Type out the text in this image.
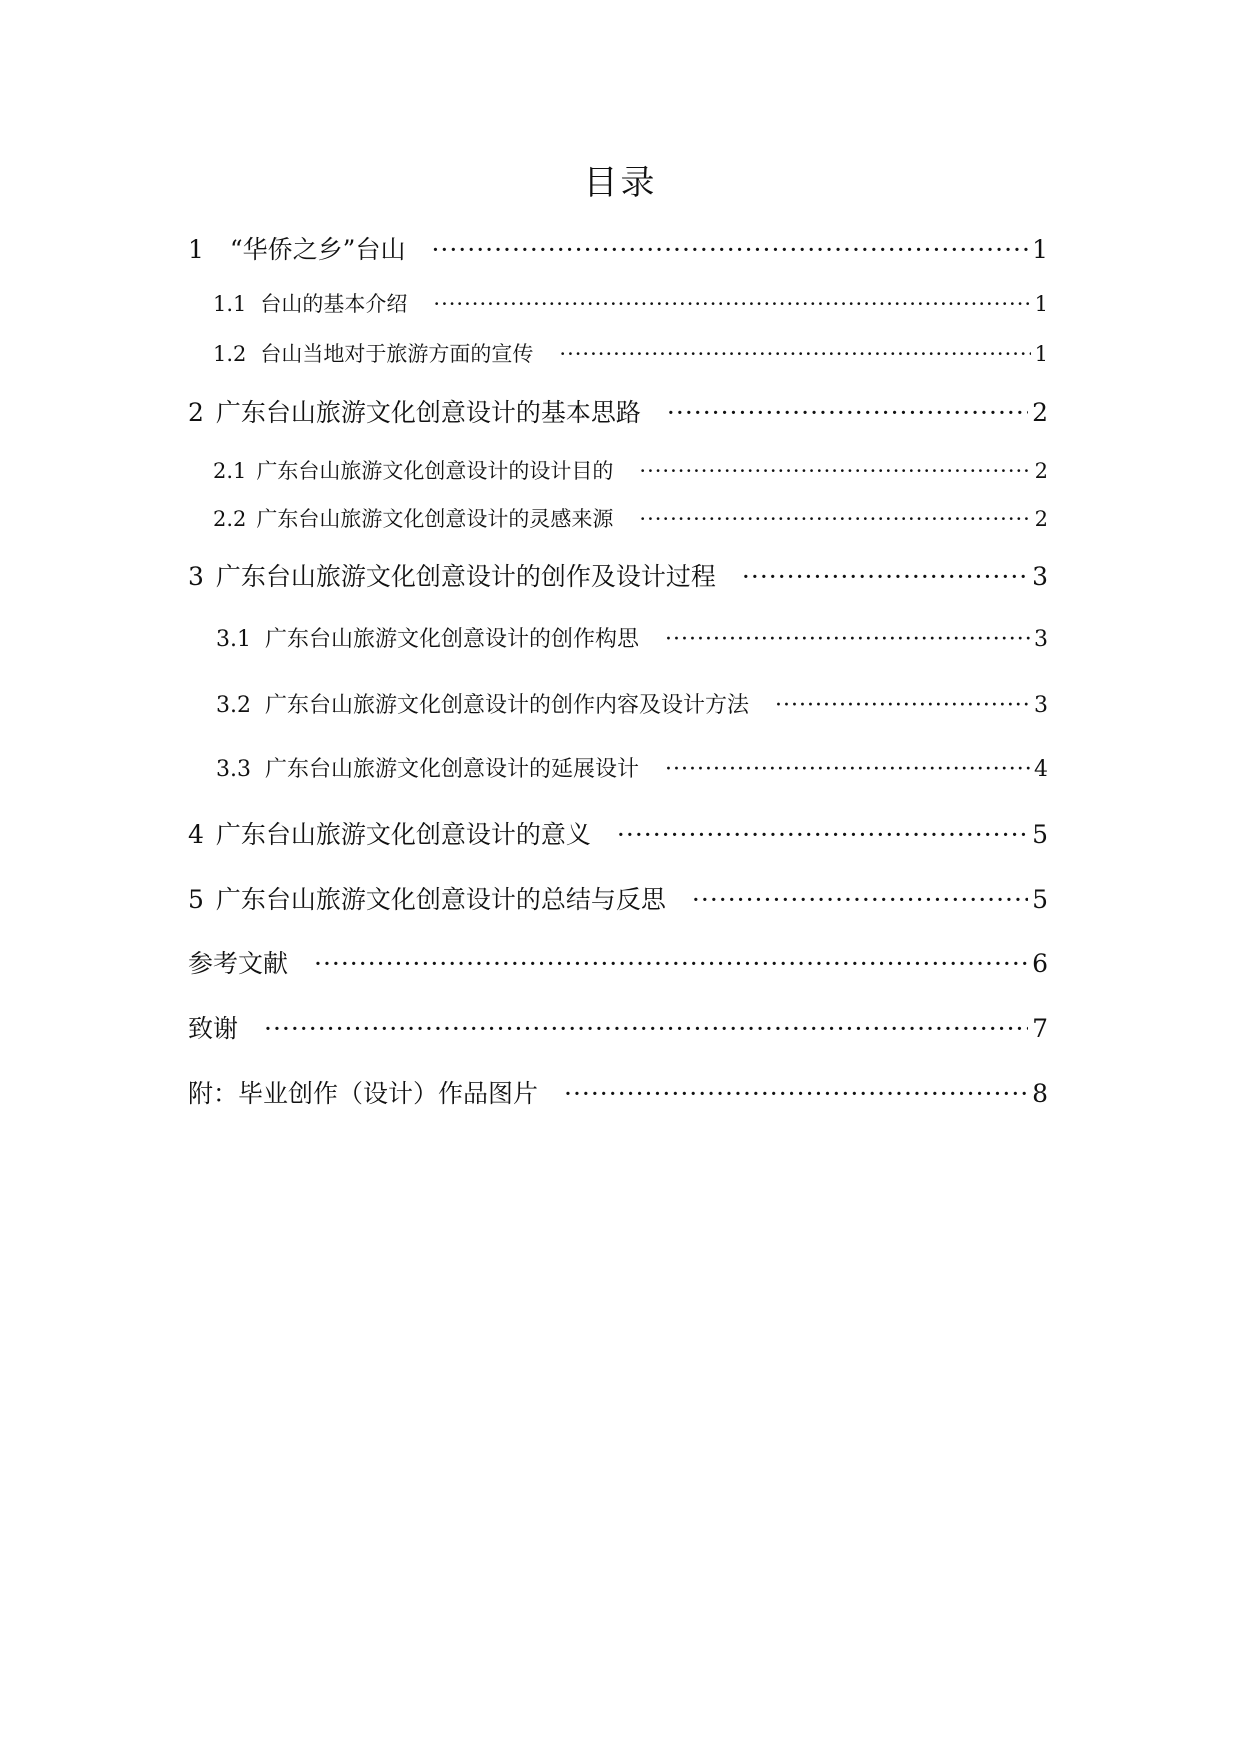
目录
1 “华侨之乡”台山 ·····	1
1.1 台山的基本介绍 ·····	1
1.2 台山当地对于旅游方面的宣传 ·····	1
2 广东台山旅游文化创意设计的基本思路 ·····	2
2.1 广东台山旅游文化创意设计的设计目的 ·····	2
2.2 广东台山旅游文化创意设计的灵感来源 ·····	2
3 广东台山旅游文化创意设计的创作及设计过程 ·····	3
3.1 广东台山旅游文化创意设计的创作构思 ·····	3
3.2 广东台山旅游文化创意设计的创作内容及设计方法 ·····	3
3.3 广东台山旅游文化创意设计的延展设计 ·····	4
4 广东台山旅游文化创意设计的意义 ·····	5
5 广东台山旅游文化创意设计的总结与反思 ·····	5
参考文献 ·····	6
致谢 ·····	7
附：毕业创作（设计）作品图片 ·····	8
